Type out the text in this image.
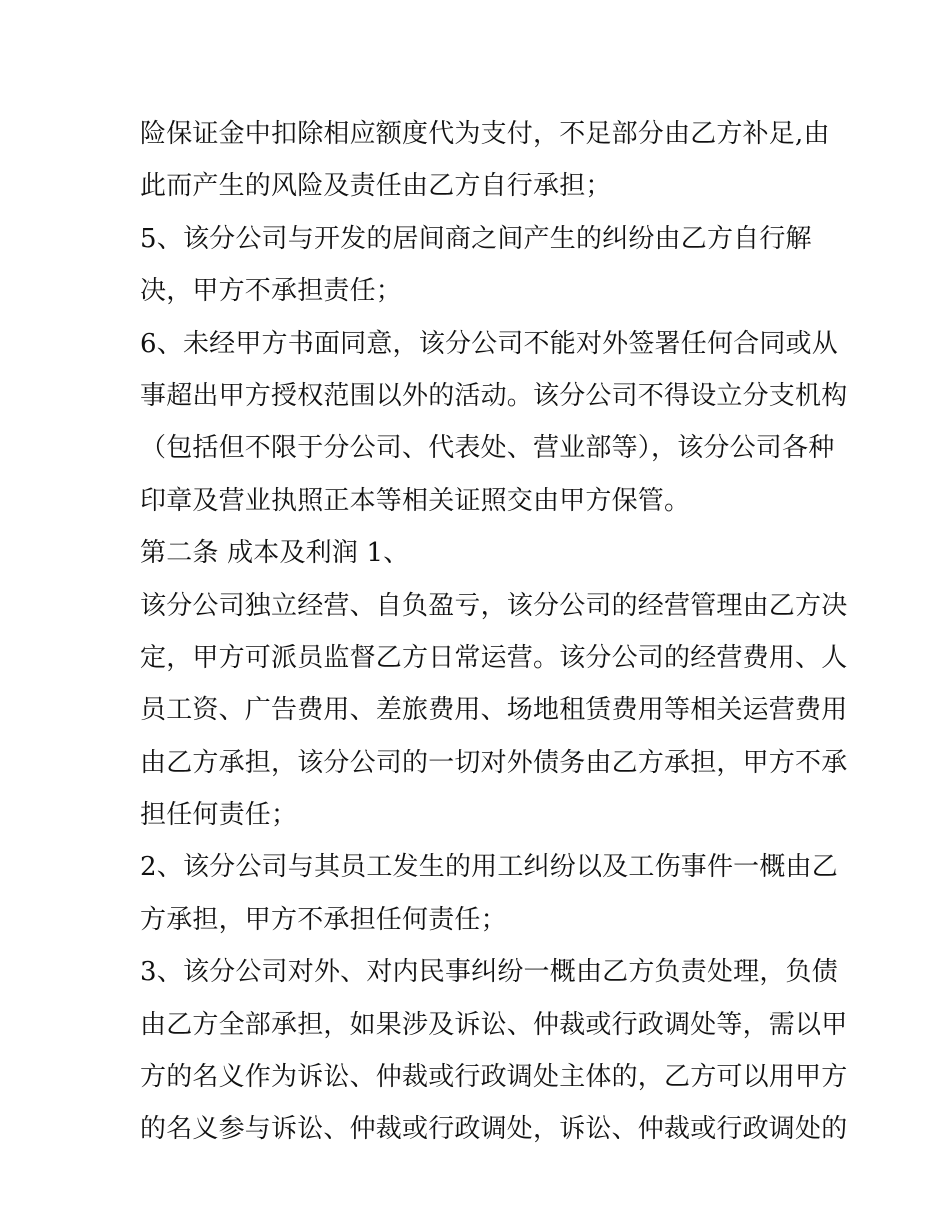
险保证金中扣除相应额度代为支付，不足部分由乙方补足,由
此而产生的风险及责任由乙方自行承担；
5、该分公司与开发的居间商之间产生的纠纷由乙方自行解
决，甲方不承担责任；
6、未经甲方书面同意，该分公司不能对外签署任何合同或从
事超出甲方授权范围以外的活动。该分公司不得设立分支机构
（包括但不限于分公司、代表处、营业部等），该分公司各种
印章及营业执照正本等相关证照交由甲方保管。
第二条 成本及利润 1、
该分公司独立经营、自负盈亏，该分公司的经营管理由乙方决
定，甲方可派员监督乙方日常运营。该分公司的经营费用、人
员工资、广告费用、差旅费用、场地租赁费用等相关运营费用
由乙方承担，该分公司的一切对外债务由乙方承担，甲方不承
担任何责任；
2、该分公司与其员工发生的用工纠纷以及工伤事件一概由乙
方承担，甲方不承担任何责任；
3、该分公司对外、对内民事纠纷一概由乙方负责处理，负债
由乙方全部承担，如果涉及诉讼、仲裁或行政调处等，需以甲
方的名义作为诉讼、仲裁或行政调处主体的，乙方可以用甲方
的名义参与诉讼、仲裁或行政调处，诉讼、仲裁或行政调处的
